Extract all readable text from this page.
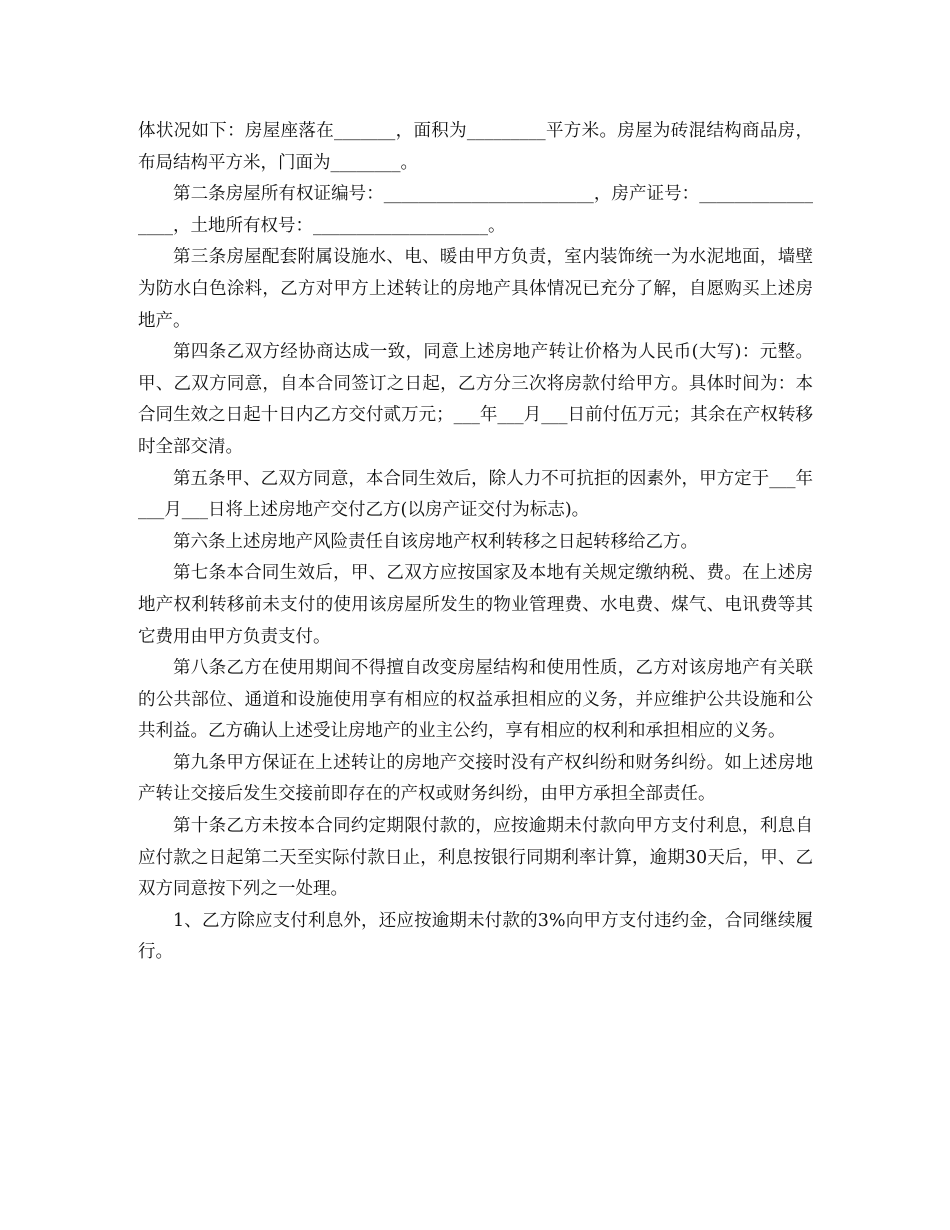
体状况如下：房屋座落在_______，面积为_________平方米。房屋为砖混结构商品房，布局结构平方米，门面为________。

第二条房屋所有权证编号：________________________，房产证号：_________________，土地所有权号：____________________。

第三条房屋配套附属设施水、电、暖由甲方负责，室内装饰统一为水泥地面，墙壁为防水白色涂料，乙方对甲方上述转让的房地产具体情况已充分了解，自愿购买上述房地产。

第四条乙双方经协商达成一致，同意上述房地产转让价格为人民币(大写)：元整。甲、乙双方同意，自本合同签订之日起，乙方分三次将房款付给甲方。具体时间为：本合同生效之日起十日内乙方交付贰万元；___年___月___日前付伍万元；其余在产权转移时全部交清。

第五条甲、乙双方同意，本合同生效后，除人力不可抗拒的因素外，甲方定于___年___月___日将上述房地产交付乙方(以房产证交付为标志)。

第六条上述房地产风险责任自该房地产权利转移之日起转移给乙方。

第七条本合同生效后，甲、乙双方应按国家及本地有关规定缴纳税、费。在上述房地产权利转移前未支付的使用该房屋所发生的物业管理费、水电费、煤气、电讯费等其它费用由甲方负责支付。

第八条乙方在使用期间不得擅自改变房屋结构和使用性质，乙方对该房地产有关联的公共部位、通道和设施使用享有相应的权益承担相应的义务，并应维护公共设施和公共利益。乙方确认上述受让房地产的业主公约，享有相应的权利和承担相应的义务。

第九条甲方保证在上述转让的房地产交接时没有产权纠纷和财务纠纷。如上述房地产转让交接后发生交接前即存在的产权或财务纠纷，由甲方承担全部责任。

第十条乙方未按本合同约定期限付款的，应按逾期未付款向甲方支付利息，利息自应付款之日起第二天至实际付款日止，利息按银行同期利率计算，逾期30天后，甲、乙双方同意按下列之一处理。

1、乙方除应支付利息外，还应按逾期未付款的3%向甲方支付违约金，合同继续履行。
